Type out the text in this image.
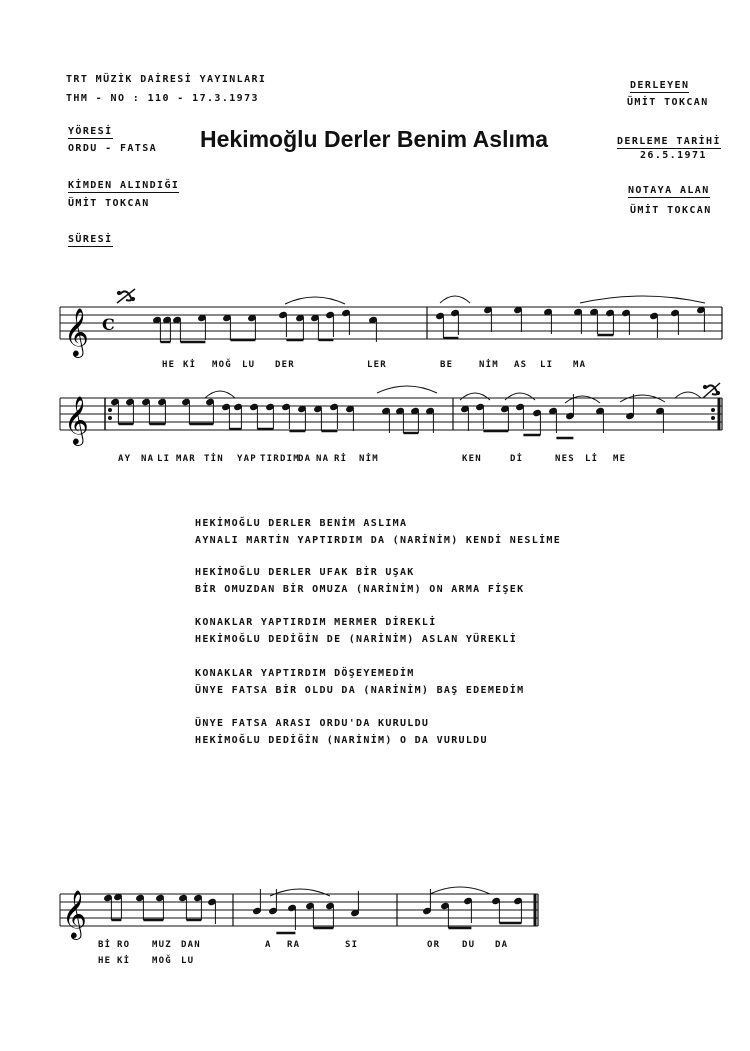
TRT MÜZİK DAİRESİ YAYINLARI
THM - NO : 110 - 17.3.1973
YÖRESİ
ORDU - FATSA
KİMDEN ALINDIĞI
ÜMİT TOKCAN
SÜRESİ
Hekimoğlu Derler Benim Aslıma
DERLEYEN
ÜMİT TOKCAN
DERLEME TARİHİ
26.5.1971
NOTAYA ALAN
ÜMİT TOKCAN
𝄞
𝄞
𝄞
C
HE Kİ MOĞ LU DER	LER	BE	NİM AS LI MA
AY NA LI MAR TİN YAP TIR DIM
DA NA Rİ NİM	KEN	Dİ	NES Lİ ME
HEKİMOĞLU DERLER BENİM ASLIMA
AYNALI MARTİN YAPTIRDIM DA (NARİNİM) KENDİ NESLİME
HEKİMOĞLU DERLER UFAK BİR UŞAK
BİR OMUZDAN BİR OMUZA (NARİNİM) ON ARMA FİŞEK
KONAKLAR YAPTIRDIM MERMER DİREKLİ
HEKİMOĞLU DEDİĞİN DE (NARİNİM) ASLAN YÜREKLİ
KONAKLAR YAPTIRDIM DÖŞEYEMEDİM
ÜNYE FATSA BİR OLDU DA (NARİNİM) BAŞ EDEMEDİM
ÜNYE FATSA ARASI ORDU'DA KURULDU
HEKİMOĞLU DEDİĞİN (NARİNİM) O DA VURULDU
Bİ RO MUZ DAN	A RA	SI	OR DU DA
HE Kİ MOĞ LU
